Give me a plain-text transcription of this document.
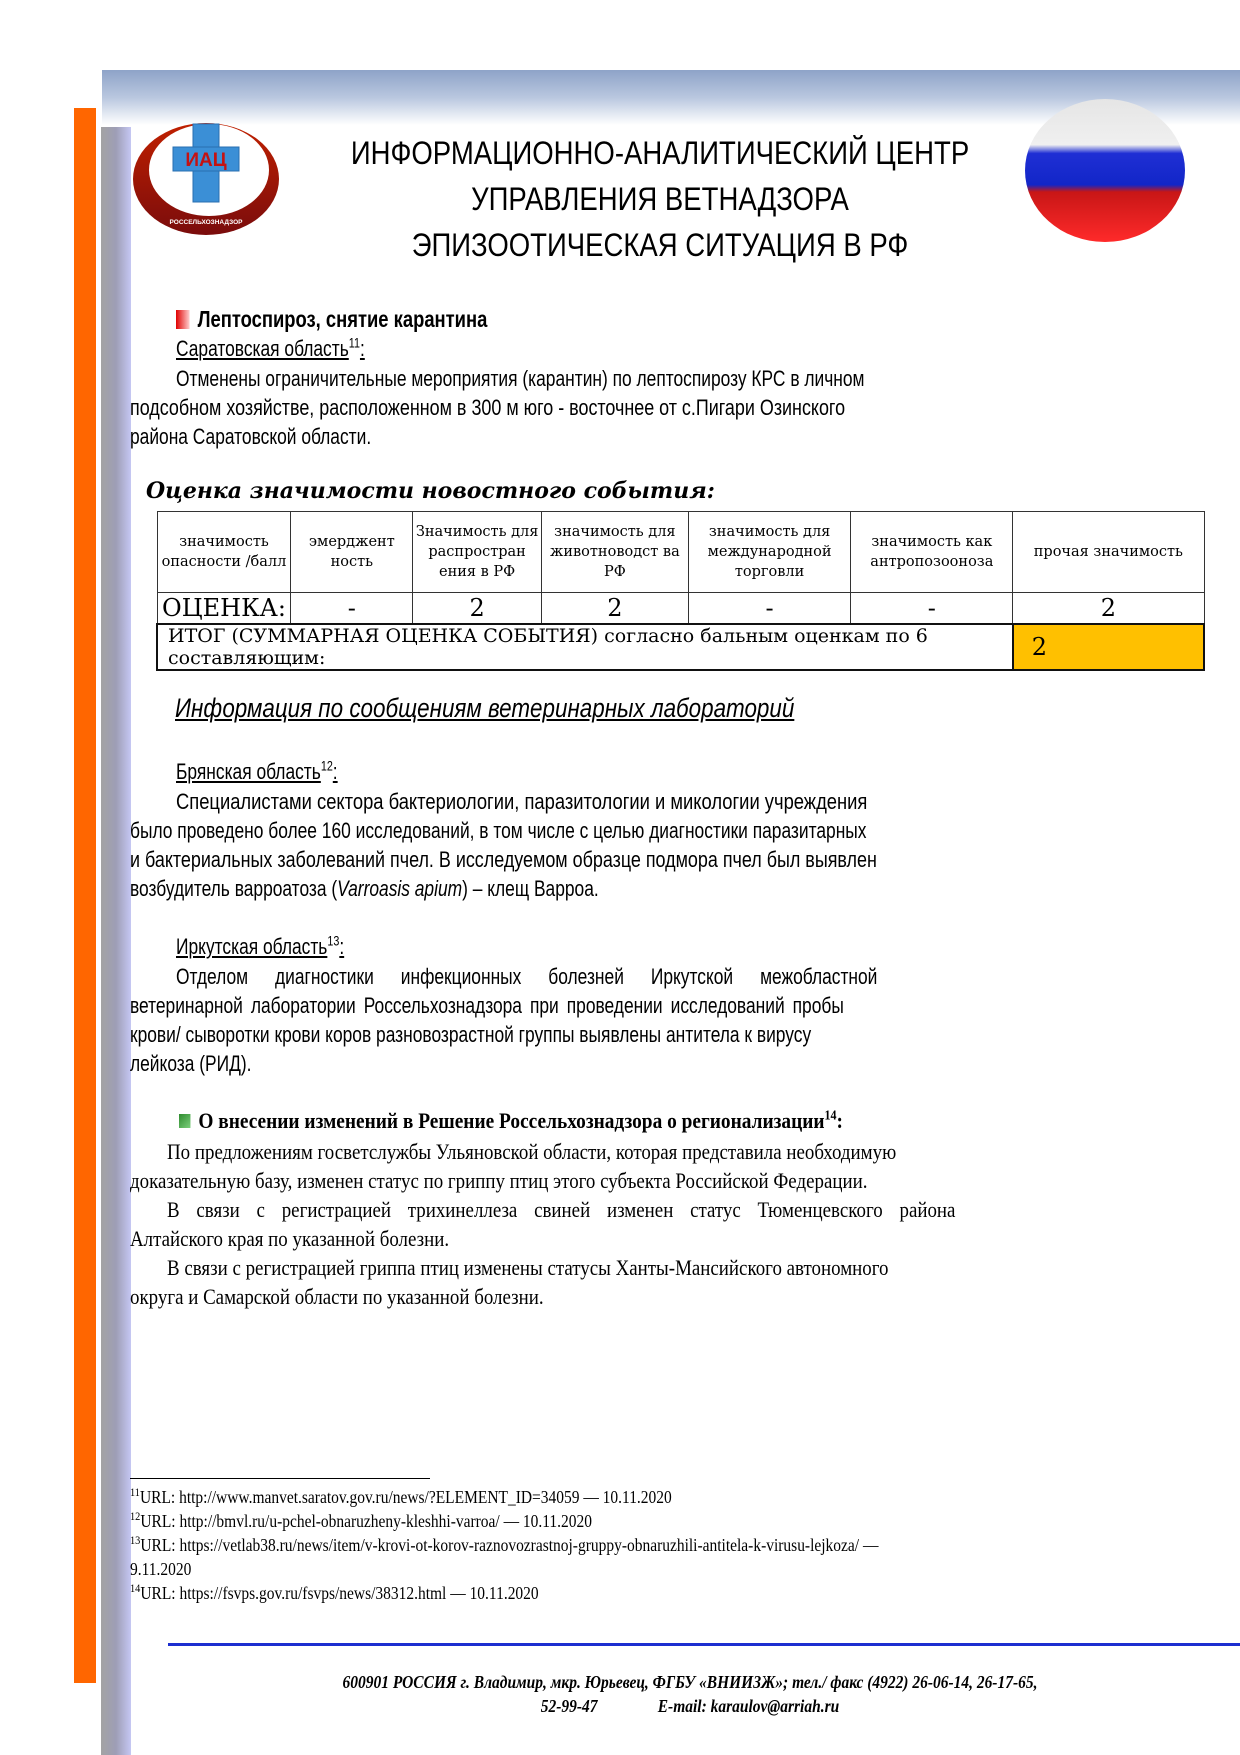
ИАЦ
РОССЕЛЬХОЗНАДЗОР
ИНФОРМАЦИОННО-АНАЛИТИЧЕСКИЙ ЦЕНТР
УПРАВЛЕНИЯ ВЕТНАДЗОРА
ЭПИЗООТИЧЕСКАЯ СИТУАЦИЯ В РФ
Лептоспироз, снятие карантина
Саратовская область$^{11}$:
Отменены ограничительные мероприятия (карантин) по лептоспирозу КРС в личном
подсобном хозяйстве, расположенном в 300 м юго - восточнее от с.Пигари Озинского
района Саратовской области.
Оценка значимости новостного события:
значимость опасности /балл	эмерджент ность	Значимость для распростран ения в РФ	значимость для животноводст ва РФ	значимость для международной торговли	значимость как антропозооноза	прочая значимость
ОЦЕНКА:	-	2	2	-	-	2
ИТОГ (СУММАРНАЯ ОЦЕНКА СОБЫТИЯ) согласно бальным оценкам по 6 составляющим:						2
Информация по сообщениям ветеринарных лабораторий
Брянская область$^{12}$:
Специалистами сектора бактериологии, паразитологии и микологии учреждения
было проведено более 160 исследований, в том числе с целью диагностики паразитарных
и бактериальных заболеваний пчел. В исследуемом образце подмора пчел был выявлен
возбудитель варроатоза (Varroasis apium) – клещ Варроа.
Иркутская область$^{13}$:
Отделом диагностики инфекционных болезней Иркутской межобластной
ветеринарной лаборатории Россельхознадзора при проведении исследований пробы
крови/ сыворотки крови коров разновозрастной группы выявлены антитела к вирусу
лейкоза (РИД).
О внесении изменений в Решение Россельхознадзора о регионализации$^{14}$:
По предложениям госветслужбы Ульяновской области, которая представила необходимую
доказательную базу, изменен статус по гриппу птиц этого субъекта Российской Федерации.
В связи с регистрацией трихинеллеза свиней изменен статус Тюменцевского района
Алтайского края по указанной болезни.
В связи с регистрацией гриппа птиц изменены статусы Ханты-Мансийского автономного
округа и Самарской области по указанной болезни.
$^{11}$URL: http://www.manvet.saratov.gov.ru/news/?ELEMENT_ID=34059 — 10.11.2020
$^{12}$URL: http://bmvl.ru/u-pchel-obnaruzheny-kleshhi-varroa/ — 10.11.2020
$^{13}$URL: https://vetlab38.ru/news/item/v-krovi-ot-korov-raznovozrastnoj-gruppy-obnaruzhili-antitela-k-virusu-lejkoza/ —
9.11.2020
$^{14}$URL: https://fsvps.gov.ru/fsvps/news/38312.html — 10.11.2020
600901 РОССИЯ г. Владимир, мкр. Юрьевец, ФГБУ «ВНИИЗЖ»; тел./ факс (4922) 26-06-14, 26-17-65,
52-99-47	E-mail: karaulov@arriah.ru
